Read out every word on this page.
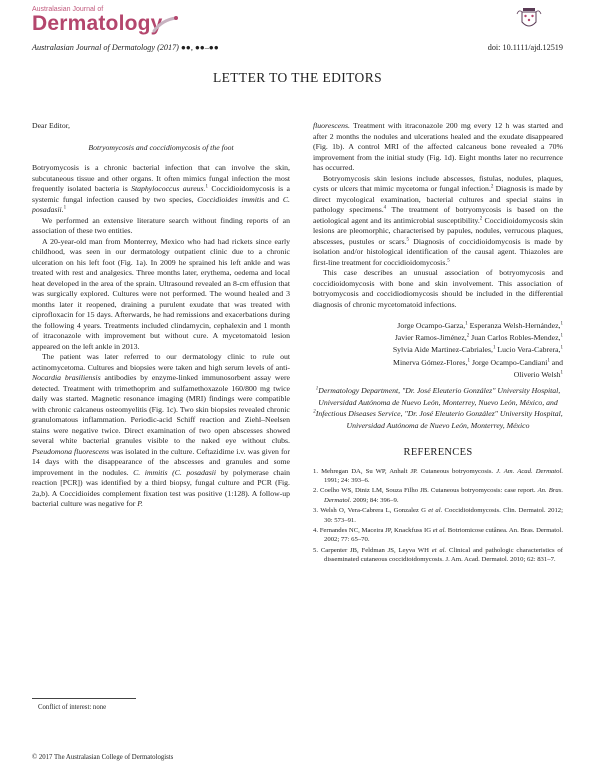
Australasian Journal of
Dermatology
Australasian Journal of Dermatology (2017) ●●, ●●–●●	doi: 10.1111/ajd.12519
LETTER TO THE EDITORS

Dear Editor,

Botryomycosis and coccidiomycosis of the foot

Botryomycosis is a chronic bacterial infection that can involve the skin, subcutaneous tissue and other organs. It often mimics fungal infection the most frequently isolated bacteria is Staphylococcus aureus.$^1$ Coccidioidomycosis is a systemic fungal infection caused by two species, Coccidioides immitis and C. posadasii.$^1$

We performed an extensive literature search without finding reports of an association of these two entities.

A 20-year-old man from Monterrey, Mexico who had had rickets since early childhood, was seen in our dermatology outpatient clinic due to a chronic ulceration on his left foot (Fig. 1a). In 2009 he sprained his left ankle and was treated with rest and analgesics. Three months later, erythema, oedema and local heat developed in the area of the sprain. Ultrasound revealed an 8-cm effusion that was surgically explored. Cultures were not performed. The wound healed and 3 months later it reopened, draining a purulent exudate that was treated with ciprofloxacin for 15 days. Afterwards, he had remissions and exacerbations during the following 4 years. Treatments included clindamycin, cephalexin and 1 month of itraconazole with improvement but without cure. A mycetomatoid lesion appeared on the left ankle in 2013.

The patient was later referred to our dermatology clinic to rule out actinomycetoma. Cultures and biopsies were taken and high serum levels of anti-Nocardia brasiliensis antibodies by enzyme-linked immunosorbent assay were detected. Treatment with trimethoprim and sulfamethoxazole 160/800 mg twice daily was started. Magnetic resonance imaging (MRI) findings were compatible with chronic calcaneus osteomyelitis (Fig. 1c). Two skin biopsies revealed chronic granulomatous inflammation. Periodic-acid Schiff reaction and Ziehl–Neelsen stains were negative twice. Direct examination of two open abscesses showed several white bacterial granules visible to the naked eye without clubs. Pseudomona fluorescens was isolated in the culture. Ceftazidime i.v. was given for 14 days with the disappearance of the abscesses and granules and some improvement in the nodules. C. immitis (C. posadasii by polymerase chain reaction [PCR]) was identified by a third biopsy, fungal culture and PCR (Fig. 2a,b). A Coccidioides complement fixation test was positive (1:128). A follow-up bacterial culture was negative for P.

fluorescens. Treatment with itraconazole 200 mg every 12 h was started and after 2 months the nodules and ulcerations healed and the exudate disappeared (Fig. 1b). A control MRI of the affected calcaneus bone revealed a 70% improvement from the initial study (Fig. 1d). Eight months later no recurrence has occurred.

Botryomycosis skin lesions include abscesses, fistulas, nodules, plaques, cysts or ulcers that mimic mycetoma or fungal infection.$^2$ Diagnosis is made by direct mycological examination, bacterial cultures and special stains in pathology specimens.$^4$ The treatment of botryomycosis is based on the aetiological agent and its antimicrobial susceptibility.$^2$ Coccidioidomycosis skin lesions are pleomorphic, characterised by papules, nodules, verrucous plaques, abscesses, pustules or scars.$^5$ Diagnosis of coccidioidomycosis is made by isolation and/or histological identification of the causal agent. Thiazoles are first-line treatment for coccidioidomycosis.$^5$

This case describes an unusual association of botryomycosis and coccidioidomycosis with bone and skin involvement. This association of botryomycosis and coccidiodiomycosis should be included in the differential diagnosis of chronic mycetomatoid infections.

Jorge Ocampo-Garza,$^1$ Esperanza Welsh-Hernández,$^1$
Javier Ramos-Jiménez,$^2$ Juan Carlos Robles-Mendez,$^1$
Sylvia Aide Martinez-Cabriales,$^1$ Lucio Vera-Cabrera,$^1$
Minerva Gómez-Flores,$^1$ Jorge Ocampo-Candiani$^1$ and
Oliverio Welsh$^1$

$^1$Dermatology Department, "Dr. José Eleuterio González" University Hospital, Universidad Autónoma de Nuevo León, Monterrey, Nuevo León, México, and $^2$Infectious Diseases Service, "Dr. José Eleuterio González" University Hospital, Universidad Autónoma de Nuevo León, Monterrey, México

REFERENCES

1. Mehregan DA, Su WP, Anhalt JP. Cutaneous botryomycosis. J. Am. Acad. Dermatol. 1991; 24: 393–6.
2. Coelho WS, Diniz LM, Souza Filho JB. Cutaneous botryomycosis: case report. An. Bras. Dermatol. 2009; 84: 396–9.
3. Welsh O, Vera-Cabrera L, Gonzalez G et al. Coccidioidomycosis. Clin. Dermatol. 2012; 30: 573–91.
4. Fernandes NC, Maceira JP, Knackfuss IG et al. Botriomicose cutânea. An. Bras. Dermatol. 2002; 77: 65–70.
5. Carpenter JB, Feldman JS, Leyva WH et al. Clinical and pathologic characteristics of disseminated cutaneous coccidioidomycosis. J. Am. Acad. Dermatol. 2010; 62: 831–7.
Conflict of interest: none
© 2017 The Australasian College of Dermatologists
